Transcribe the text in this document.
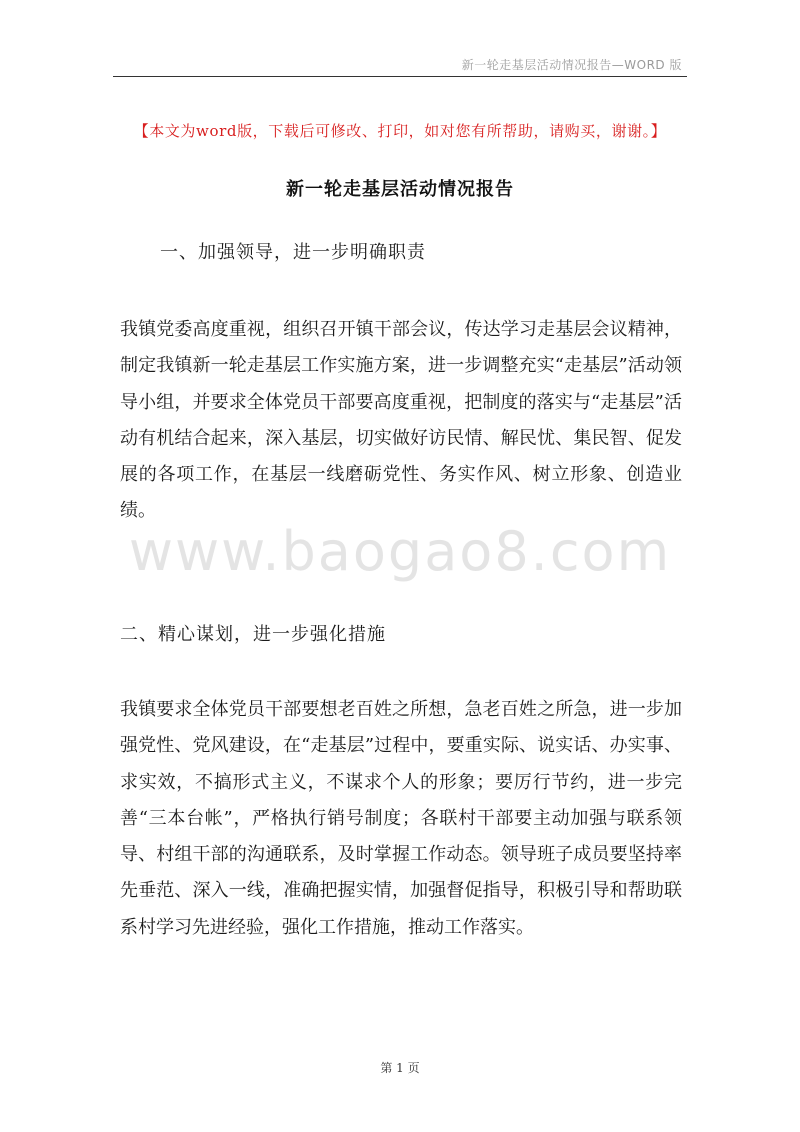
新一轮走基层活动情况报告—WORD 版
【本文为word版，下载后可修改、打印，如对您有所帮助，请购买，谢谢。】
新一轮走基层活动情况报告
一、加强领导，进一步明确职责
我镇党委高度重视，组织召开镇干部会议，传达学习走基层会议精神，制定我镇新一轮走基层工作实施方案，进一步调整充实“走基层”活动领导小组，并要求全体党员干部要高度重视，把制度的落实与“走基层”活动有机结合起来，深入基层，切实做好访民情、解民忧、集民智、促发展的各项工作，在基层一线磨砺党性、务实作风、树立形象、创造业绩。
二、精心谋划，进一步强化措施
我镇要求全体党员干部要想老百姓之所想，急老百姓之所急，进一步加强党性、党风建设，在“走基层”过程中，要重实际、说实话、办实事、求实效，不搞形式主义，不谋求个人的形象；要厉行节约，进一步完善“三本台帐”，严格执行销号制度；各联村干部要主动加强与联系领导、村组干部的沟通联系，及时掌握工作动态。领导班子成员要坚持率先垂范、深入一线，准确把握实情，加强督促指导，积极引导和帮助联系村学习先进经验，强化工作措施，推动工作落实。
www.baogao8.com
第 1 页
